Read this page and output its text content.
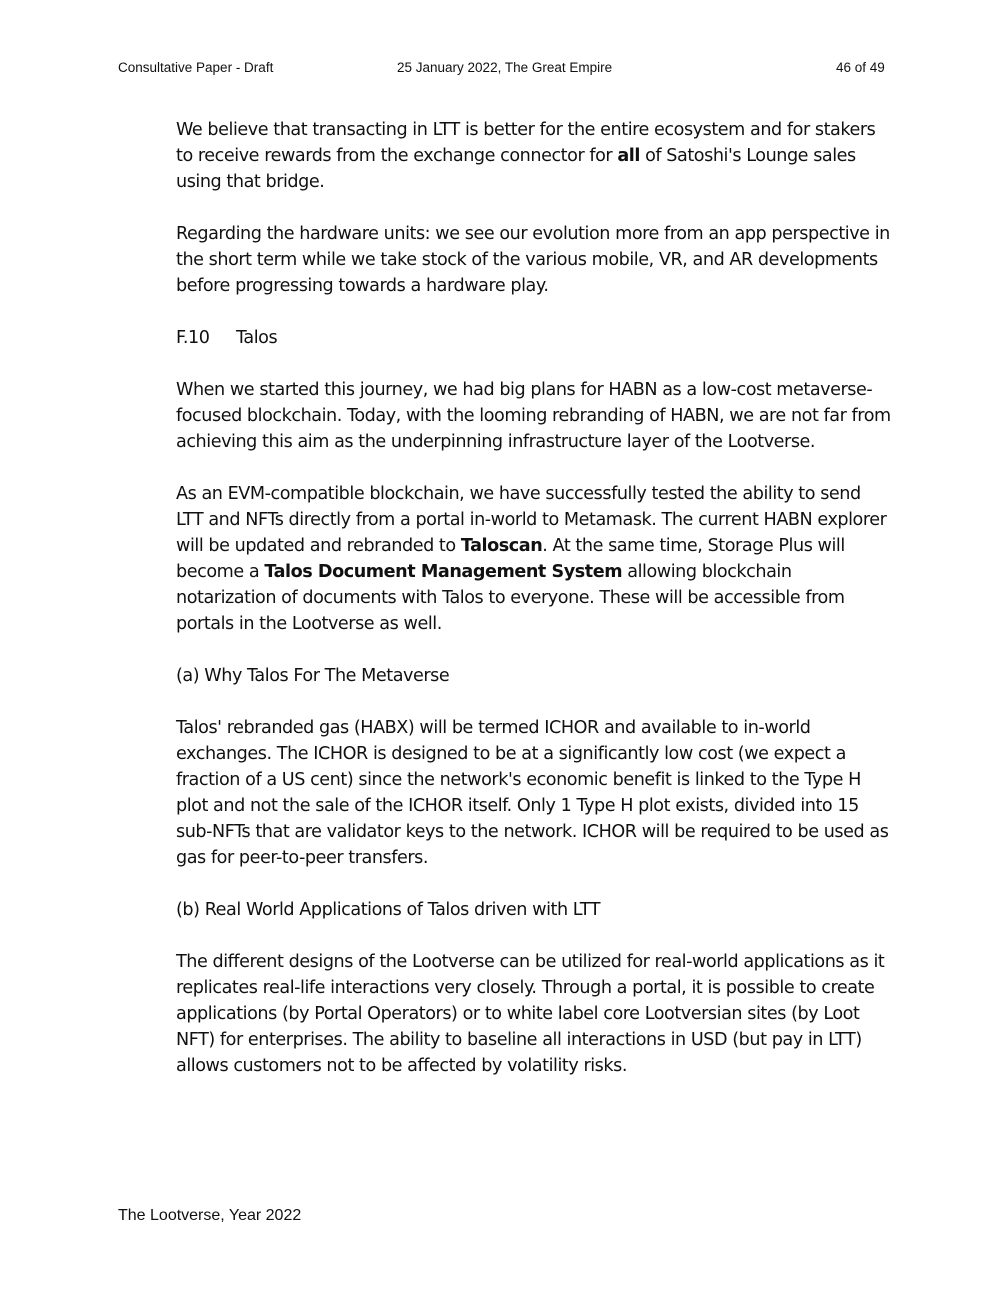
Consultative Paper - Draft	25 January 2022, The Great Empire	46 of 49

We believe that transacting in LTT is better for the entire ecosystem and for stakers to receive rewards from the exchange connector for all of Satoshi's Lounge sales using that bridge.

Regarding the hardware units: we see our evolution more from an app perspective in the short term while we take stock of the various mobile, VR, and AR developments before progressing towards a hardware play.

F.10 Talos

When we started this journey, we had big plans for HABN as a low-cost metaverse-focused blockchain. Today, with the looming rebranding of HABN, we are not far from achieving this aim as the underpinning infrastructure layer of the Lootverse.

As an EVM-compatible blockchain, we have successfully tested the ability to send LTT and NFTs directly from a portal in-world to Metamask. The current HABN explorer will be updated and rebranded to Taloscan. At the same time, Storage Plus will become a Talos Document Management System allowing blockchain notarization of documents with Talos to everyone. These will be accessible from portals in the Lootverse as well.

(a) Why Talos For The Metaverse

Talos' rebranded gas (HABX) will be termed ICHOR and available to in-world exchanges. The ICHOR is designed to be at a significantly low cost (we expect a fraction of a US cent) since the network's economic benefit is linked to the Type H plot and not the sale of the ICHOR itself. Only 1 Type H plot exists, divided into 15 sub-NFTs that are validator keys to the network. ICHOR will be required to be used as gas for peer-to-peer transfers.

(b) Real World Applications of Talos driven with LTT

The different designs of the Lootverse can be utilized for real-world applications as it replicates real-life interactions very closely. Through a portal, it is possible to create applications (by Portal Operators) or to white label core Lootversian sites (by Loot NFT) for enterprises. The ability to baseline all interactions in USD (but pay in LTT) allows customers not to be affected by volatility risks.

The Lootverse, Year 2022
